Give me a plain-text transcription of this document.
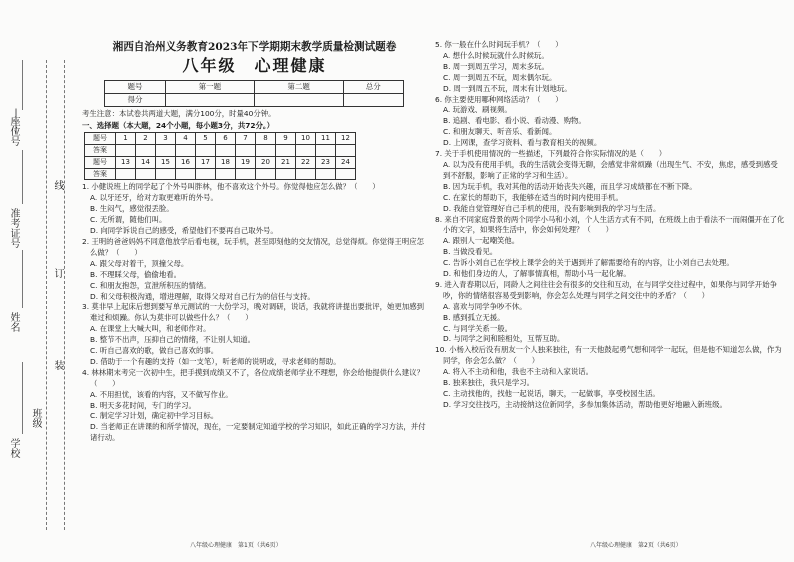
座位号
准考证号
姓名
学校
班级
线
订
装
湘西自治州义务教育2023年下学期期末教学质量检测试题卷
八年级　心理健康
题号	第一题	第二题	总分
得分			
考生注意：本试卷共两道大题，满分100分，时量40分钟。
一、选择题（本大题，24个小题，每小题3分，共72分。）
题号	1	2	3	4	5	6	7	8	9	10	11	12
答案												
题号	13	14	15	16	17	18	19	20	21	22	23	24
答案												
1. 小健说班上的同学起了个外号叫胖林，他不喜欢这个外号。你觉得他应怎么做？（　　）
A. 以牙还牙，给对方取更难听的外号。
B. 生闷气，感觉很丢脸。
C. 无所谓，随他们叫。
D. 向同学诉说自己的感受，希望他们不要再自己取外号。
2. 王明的爸爸妈妈不同意他放学后看电视，玩手机，甚至即刻他的交友情况，总觉得烦。你觉得王明应怎么做？（　　）
A. 跟父母对着干，顶撞父母。
B. 不理睬父母，偷偷地看。
C. 和朋友抱怨，宣泄所积压的情绪。
D. 和父母积极沟通，增进理解，取得父母对自己行为的信任与支持。
3. 莫非早上起床后想到要写单元测试的一大份学习，晚对调研，说话，我就将讲提出要批评，她更加感到难过和烦躁。你认为莫非可以做些什么？（　　）
A. 在课堂上大喊大叫，和老师作对。
B. 整节不出声，压抑自己的情绪，不让别人知道。
C. 听自己喜欢的歌，做自己喜欢的事。
D. 借助于一个有趣的支持（如一支笔），听老师的说明或，寻求老师的帮助。
4. 林林期末考完一次初中生，把手摸到成绩又不了，各位成绩老师学业不理想，你会给他提供什么建议？（　　）
A. 不用担忧，该看的内容，又不做写作业。
B. 明天多花时间，专门的学习。
C. 制定学习计划，确定初中学习目标。
D. 当老师正在讲课的和所学情况，现在，一定要制定知道学校的学习知识，如此正确的学习方法，并付诸行动。
5. 你一般在什么时间玩手机？（　　）
A. 想什么时候玩就什么时候玩。
B. 周一到周五学习，周末多玩。
C. 周一到周五不玩，周末偶尔玩。
D. 周一到周五不玩，周末有计划地玩。
6. 你主要使用哪种网络活动？（　　）
A. 玩游戏、刷视频。
B. 追剧、看电影、看小说、看动漫、购物。
C. 和朋友聊天、听音乐、看新闻。
D. 上网课，查学习资料、看与教育相关的视频。
7. 关于手机使用情况的一些描述，下列最符合你实际情况的是（　　）
A. 以为没有使用手机，我的生活就会变得无聊，会感觉非常烦躁（出现生气、不安，焦虑，感受到感受到不舒服，影响了正常的学习和生活）。
B. 因为玩手机，我对其他的活动开始丧失兴趣，而且学习成绩都在不断下降。
C. 在家长的帮助下，我能够在适当的时间内使用手机。
D. 我能自觉管理好自己手机的使用，没有影响到我的学习与生活。
8. 来自不同家庭背景的两个同学小马和小刘，个人生活方式有不同，在班级上由于看法不一而闹僵开在了化小的文字，如果将生活中，你会如何处理？（　　）
A. 跟别人一起嘲笑他。
B. 当做没看见。
C. 告诉小刘自己在学校上课学会的关于遇到并了解需要给有的内容，让小刘自己去处理。
D. 和他们身边的人，了解事情真相，帮助小马一起化解。
9. 进入青春期以后，同龄人之间往往会有很多的交往和互动，在与同学交往过程中，如果你与同学开始争吵，你的情绪很容易受到影响，你会怎么处理与同学之间交往中的矛盾？（　　）
A. 喜欢与同学争吵不休。
B. 感到孤立无援。
C. 与同学关系一般。
D. 与同学之间和睦相处，互帮互助。
10. 小杨入校后没有朋友一个人独来独往，有一天他鼓起勇气想和同学一起玩，但是他不知道怎么做，作为同学，你会怎么做？（　　）
A. 将入不主动和他，我也不主动和入家说话。
B. 独来独往，我只是学习。
C. 主动找他的，找他一起说话，聊天，一起做事，享受校园生活。
D. 学习交往技巧，主动接纳这位新同学，多参加集体活动，帮助他更好地融入新班级。
八年级心理健康　第1页（共6页）	八年级心理健康　第2页（共6页）
